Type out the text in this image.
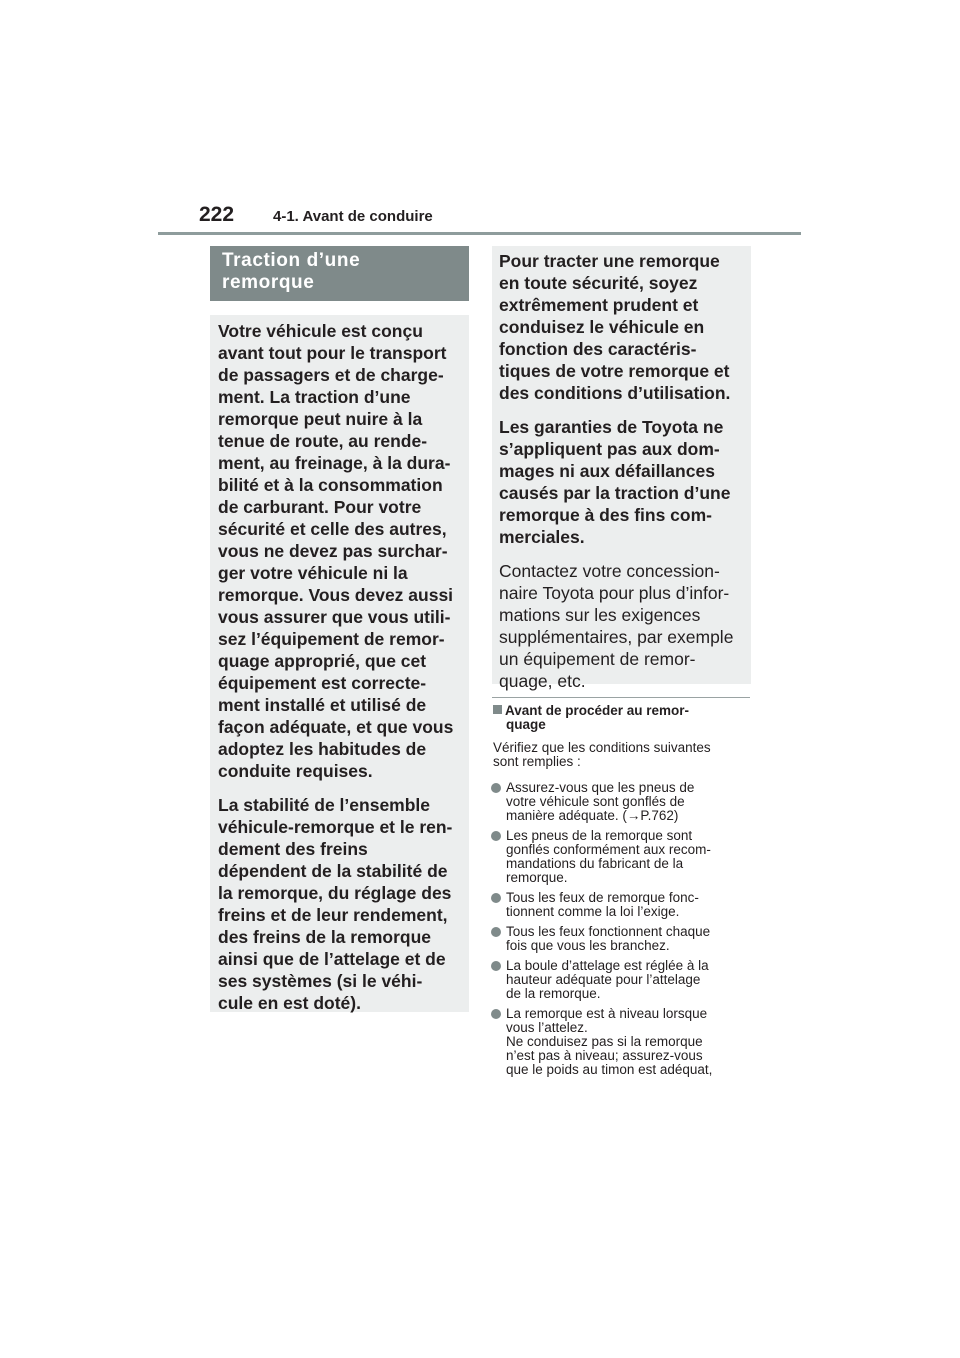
222	4-1. Avant de conduire
Traction d’une
remorque
Votre véhicule est conçu
avant tout pour le transport
de passagers et de charge-
ment. La traction d’une
remorque peut nuire à la
tenue de route, au rende-
ment, au freinage, à la dura-
bilité et à la consommation
de carburant. Pour votre
sécurité et celle des autres,
vous ne devez pas surchar-
ger votre véhicule ni la
remorque. Vous devez aussi
vous assurer que vous utili-
sez l’équipement de remor-
quage approprié, que cet
équipement est correcte-
ment installé et utilisé de
façon adéquate, et que vous
adoptez les habitudes de
conduite requises.
La stabilité de l’ensemble
véhicule-remorque et le ren-
dement des freins
dépendent de la stabilité de
la remorque, du réglage des
freins et de leur rendement,
des freins de la remorque
ainsi que de l’attelage et de
ses systèmes (si le véhi-
cule en est doté).
Pour tracter une remorque
en toute sécurité, soyez
extrêmement prudent et
conduisez le véhicule en
fonction des caractéris-
tiques de votre remorque et
des conditions d’utilisation.
Les garanties de Toyota ne
s’appliquent pas aux dom-
mages ni aux défaillances
causés par la traction d’une
remorque à des fins com-
merciales.
Contactez votre concession-
naire Toyota pour plus d’infor-
mations sur les exigences
supplémentaires, par exemple
un équipement de remor-
quage, etc.
Avant de procéder au remor-
quage
Vérifiez que les conditions suivantes
sont remplies :
Assurez-vous que les pneus de
votre véhicule sont gonflés de
manière adéquate. (→P.762)
Les pneus de la remorque sont
gonflés conformément aux recom-
mandations du fabricant de la
remorque.
Tous les feux de remorque fonc-
tionnent comme la loi l’exige.
Tous les feux fonctionnent chaque
fois que vous les branchez.
La boule d’attelage est réglée à la
hauteur adéquate pour l’attelage
de la remorque.
La remorque est à niveau lorsque
vous l’attelez.
Ne conduisez pas si la remorque
n’est pas à niveau; assurez-vous
que le poids au timon est adéquat,
